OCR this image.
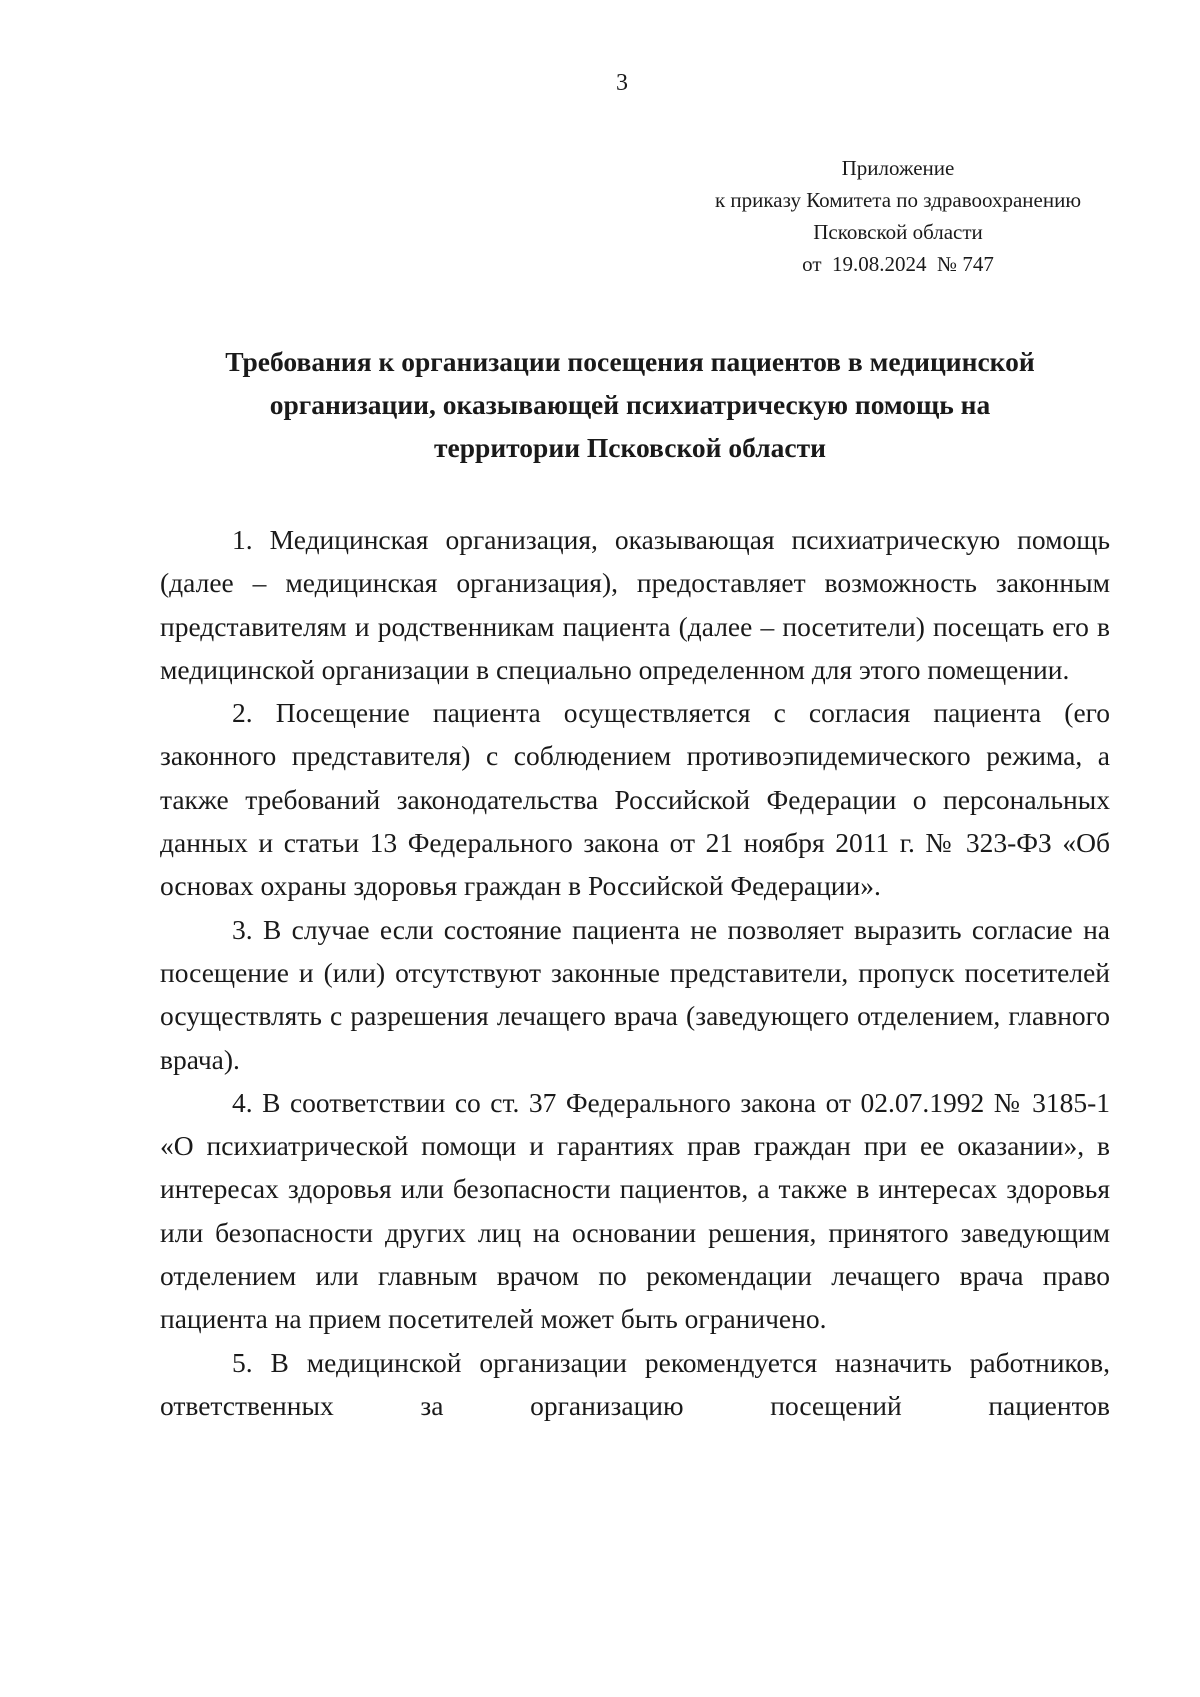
3
Приложение
к приказу Комитета по здравоохранению
Псковской области
от  19.08.2024  № 747
Требования к организации посещения пациентов в медицинской
организации, оказывающей психиатрическую помощь на
территории Псковской области

1. Медицинская организация, оказывающая психиатрическую помощь (далее – медицинская организация), предоставляет возможность законным представителям и родственникам пациента (далее – посетители) посещать его в медицинской организации в специально определенном для этого помещении.

2. Посещение пациента осуществляется с согласия пациента (его законного представителя) с соблюдением противоэпидемического режима, а также требований законодательства Российской Федерации о персональных данных и статьи 13 Федерального закона от 21 ноября 2011 г. № 323-ФЗ «Об основах охраны здоровья граждан в Российской Федерации».

3. В случае если состояние пациента не позволяет выразить согласие на посещение и (или) отсутствуют законные представители, пропуск посетителей осуществлять с разрешения лечащего врача (заведующего отделением, главного врача).

4. В соответствии со ст. 37 Федерального закона от 02.07.1992 № 3185-1 «О психиатрической помощи и гарантиях прав граждан при ее оказании», в интересах здоровья или безопасности пациентов, а также в интересах здоровья или безопасности других лиц на основании решения, принятого заведующим отделением или главным врачом по рекомендации лечащего врача право пациента на прием посетителей может быть ограничено.

5. В медицинской организации рекомендуется назначить работников, ответственных за организацию посещений пациентов
